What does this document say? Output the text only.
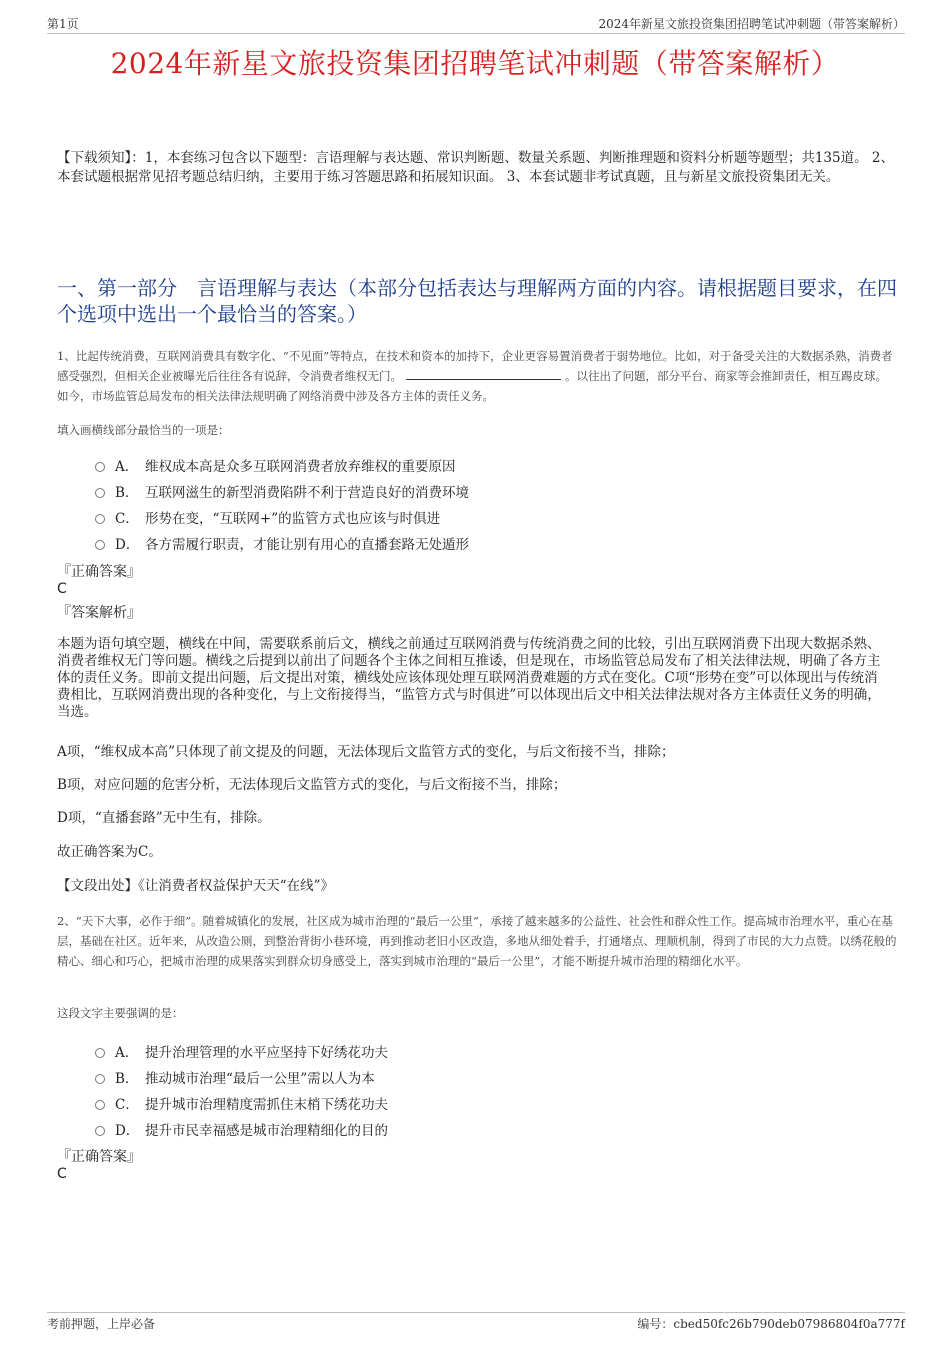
第1页	2024年新星文旅投资集团招聘笔试冲刺题（带答案解析）
2024年新星文旅投资集团招聘笔试冲刺题（带答案解析）
【下载须知】：1，本套练习包含以下题型：言语理解与表达题、常识判断题、数量关系题、判断推理题和资料分析题等题型；共135道。 2、本套试题根据常见招考题总结归纳，主要用于练习答题思路和拓展知识面。 3、本套试题非考试真题，且与新星文旅投资集团无关。
一、第一部分　言语理解与表达（本部分包括表达与理解两方面的内容。请根据题目要求，在四个选项中选出一个最恰当的答案。）
1、比起传统消费，互联网消费具有数字化、“不见面”等特点，在技术和资本的加持下，企业更容易置消费者于弱势地位。比如，对于备受关注的大数据杀熟，消费者感受强烈，但相关企业被曝光后往往各有说辞，令消费者维权无门。	。以往出了问题，部分平台、商家等会推卸责任，相互踢皮球。如今，市场监管总局发布的相关法律法规明确了网络消费中涉及各方主体的责任义务。
填入画横线部分最恰当的一项是：
A． 维权成本高是众多互联网消费者放弃维权的重要原因
B． 互联网滋生的新型消费陷阱不利于营造良好的消费环境
C． 形势在变，“互联网+”的监管方式也应该与时俱进
D． 各方需履行职责，才能让别有用心的直播套路无处遁形
『正确答案』
C
『答案解析』
本题为语句填空题，横线在中间，需要联系前后文，横线之前通过互联网消费与传统消费之间的比较，引出互联网消费下出现大数据杀熟、消费者维权无门等问题。横线之后提到以前出了问题各个主体之间相互推诿，但是现在，市场监管总局发布了相关法律法规，明确了各方主体的责任义务。即前文提出问题，后文提出对策，横线处应该体现处理互联网消费难题的方式在变化。C项“形势在变”可以体现出与传统消费相比，互联网消费出现的各种变化，与上文衔接得当，“监管方式与时俱进”可以体现出后文中相关法律法规对各方主体责任义务的明确，当选。
A项，“维权成本高”只体现了前文提及的问题，无法体现后文监管方式的变化，与后文衔接不当，排除；
B项，对应问题的危害分析，无法体现后文监管方式的变化，与后文衔接不当，排除；
D项，“直播套路”无中生有，排除。
故正确答案为C。
【文段出处】《让消费者权益保护天天“在线”》
2、“天下大事，必作于细”。随着城镇化的发展，社区成为城市治理的“最后一公里”，承接了越来越多的公益性、社会性和群众性工作。提高城市治理水平，重心在基层，基础在社区。近年来，从改造公厕，到整治背街小巷环境，再到推动老旧小区改造，多地从细处着手，打通堵点、理顺机制，得到了市民的大力点赞。以绣花般的精心、细心和巧心，把城市治理的成果落实到群众切身感受上，落实到城市治理的“最后一公里”，才能不断提升城市治理的精细化水平。
这段文字主要强调的是：
A． 提升治理管理的水平应坚持下好绣花功夫
B． 推动城市治理“最后一公里”需以人为本
C． 提升城市治理精度需抓住末梢下绣花功夫
D． 提升市民幸福感是城市治理精细化的目的
『正确答案』
C
考前押题，上岸必备	编号：cbed50fc26b790deb07986804f0a777f
